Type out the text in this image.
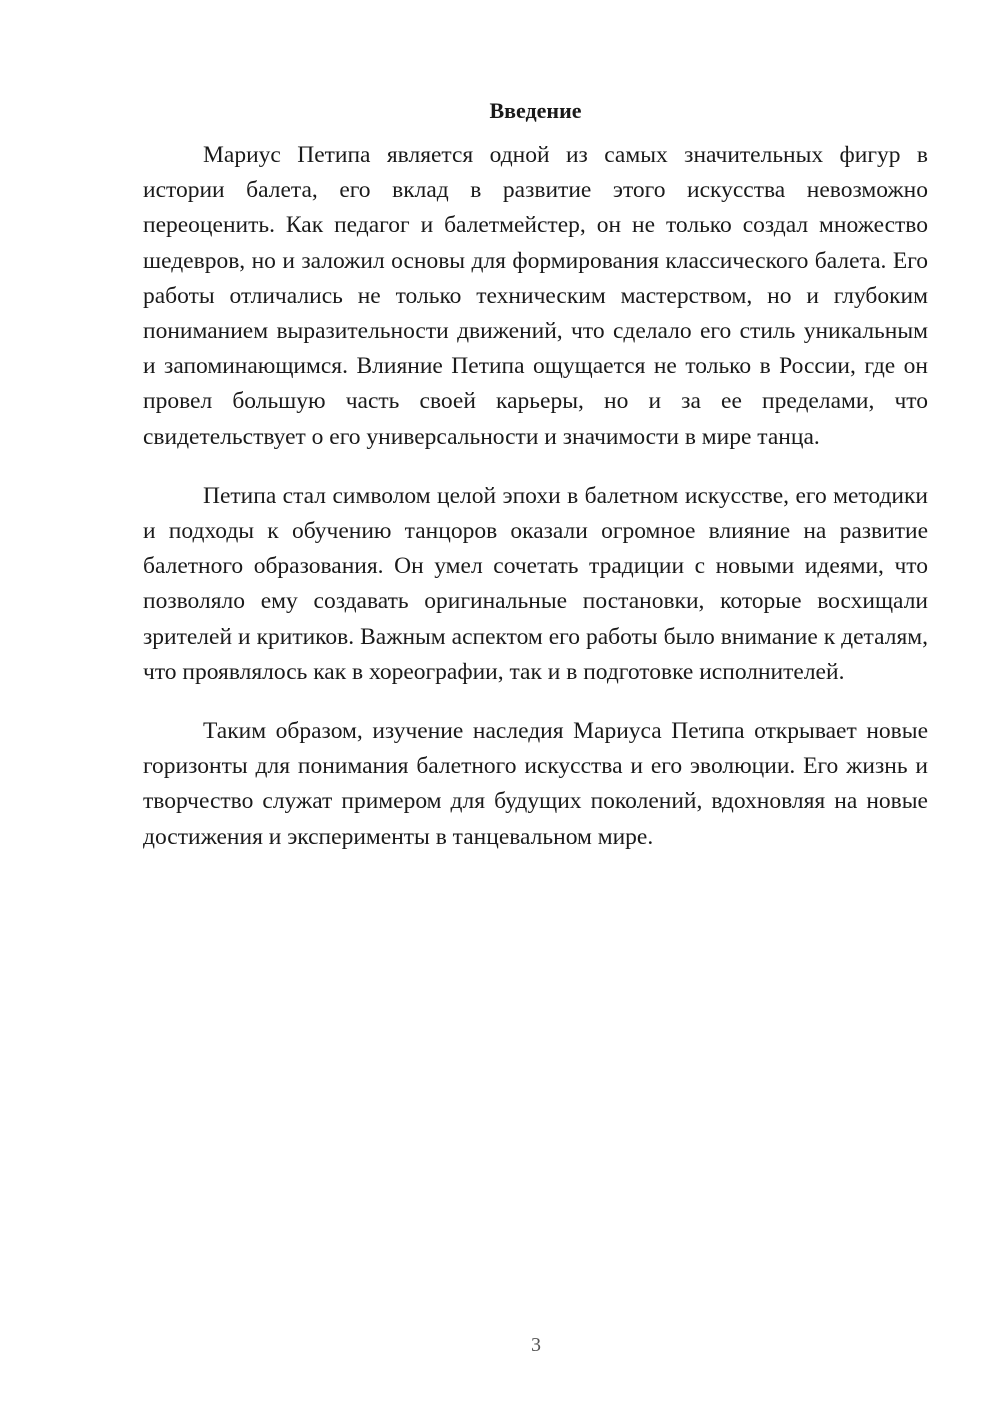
Введение

Мариус Петипа является одной из самых значительных фигур в истории балета, его вклад в развитие этого искусства невозможно переоценить. Как педагог и балетмейстер, он не только создал множество шедевров, но и заложил основы для формирования классического балета. Его работы отличались не только техническим мастерством, но и глубоким пониманием выразительности движений, что сделало его стиль уникальным и запоминающимся. Влияние Петипа ощущается не только в России, где он провел большую часть своей карьеры, но и за ее пределами, что свидетельствует о его универсальности и значимости в мире танца.

Петипа стал символом целой эпохи в балетном искусстве, его методики и подходы к обучению танцоров оказали огромное влияние на развитие балетного образования. Он умел сочетать традиции с новыми идеями, что позволяло ему создавать оригинальные постановки, которые восхищали зрителей и критиков. Важным аспектом его работы было внимание к деталям, что проявлялось как в хореографии, так и в подготовке исполнителей.

Таким образом, изучение наследия Мариуса Петипа открывает новые горизонты для понимания балетного искусства и его эволюции. Его жизнь и творчество служат примером для будущих поколений, вдохновляя на новые достижения и эксперименты в танцевальном мире.

3
